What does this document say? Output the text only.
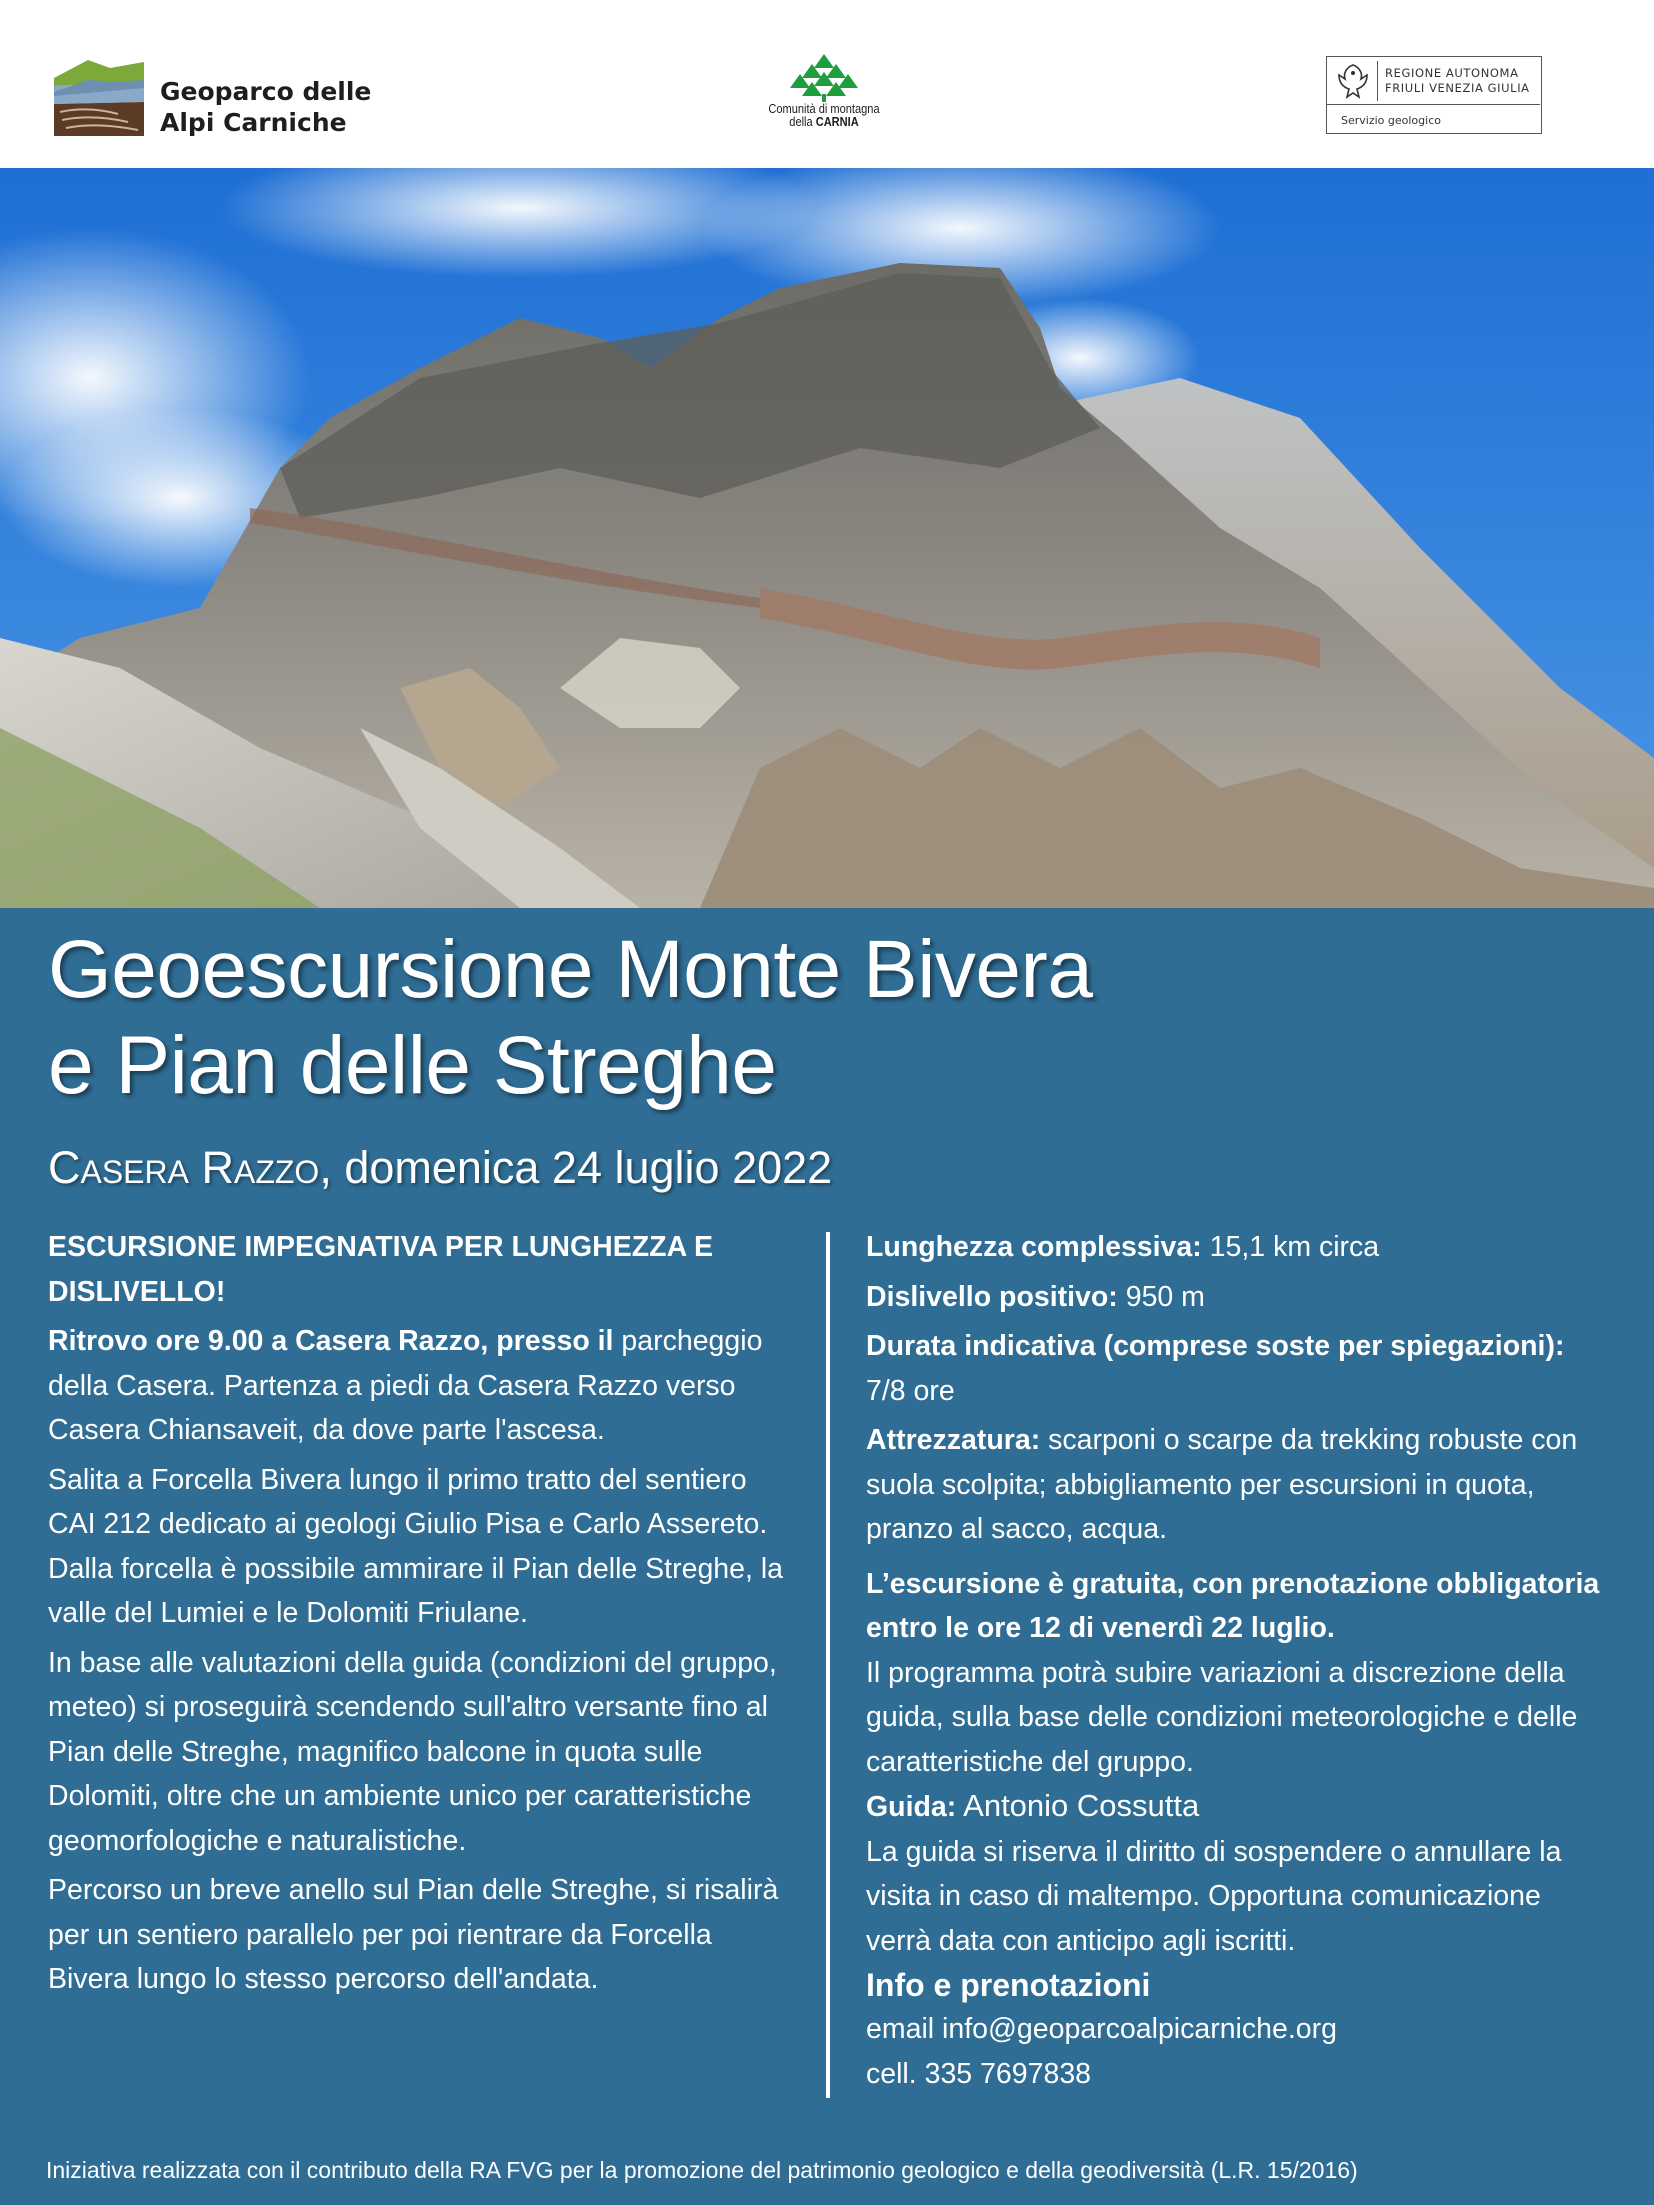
Geoparco delle
Alpi Carniche	Comunità di montagna
della CARNIA
REGIONE AUTONOMA
FRIULI VENEZIA GIULIA
Servizio geologico
Geoescursione Monte Bivera
e Pian delle Streghe
Casera Razzo, domenica 24 luglio 2022

ESCURSIONE IMPEGNATIVA PER LUNGHEZZA E DISLIVELLO!

Ritrovo ore 9.00 a Casera Razzo, presso il parcheggio della Casera. Partenza a piedi da Casera Razzo verso Casera Chiansaveit, da dove parte l'ascesa.

Salita a Forcella Bivera lungo il primo tratto del sentiero CAI 212 dedicato ai geologi Giulio Pisa e Carlo Assereto. Dalla forcella è possibile ammirare il Pian delle Streghe, la valle del Lumiei e le Dolomiti Friulane.

In base alle valutazioni della guida (condizioni del gruppo, meteo) si proseguirà scendendo sull'altro versante fino al Pian delle Streghe, magnifico balcone in quota sulle Dolomiti, oltre che un ambiente unico per caratteristiche geomorfologiche e naturalistiche.

Percorso un breve anello sul Pian delle Streghe, si risalirà per un sentiero parallelo per poi rientrare da Forcella Bivera lungo lo stesso percorso dell'andata.

Lunghezza complessiva: 15,1 km circa

Dislivello positivo: 950 m

Durata indicativa (comprese soste per spiegazioni): 7/8 ore

Attrezzatura: scarponi o scarpe da trekking robuste con suola scolpita; abbigliamento per escursioni in quota, pranzo al sacco, acqua.

L’escursione è gratuita, con prenotazione obbligatoria entro le ore 12 di venerdì 22 luglio.

Il programma potrà subire variazioni a discrezione della guida, sulla base delle condizioni meteorologiche e delle caratteristiche del gruppo.

Guida: Antonio Cossutta

La guida si riserva il diritto di sospendere o annullare la visita in caso di maltempo. Opportuna comunicazione verrà data con anticipo agli iscritti.

Info e prenotazioni

email info@geoparcoalpicarniche.org

cell. 335 7697838

Iniziativa realizzata con il contributo della RA FVG per la promozione del patrimonio geologico e della geodiversità (L.R. 15/2016)
